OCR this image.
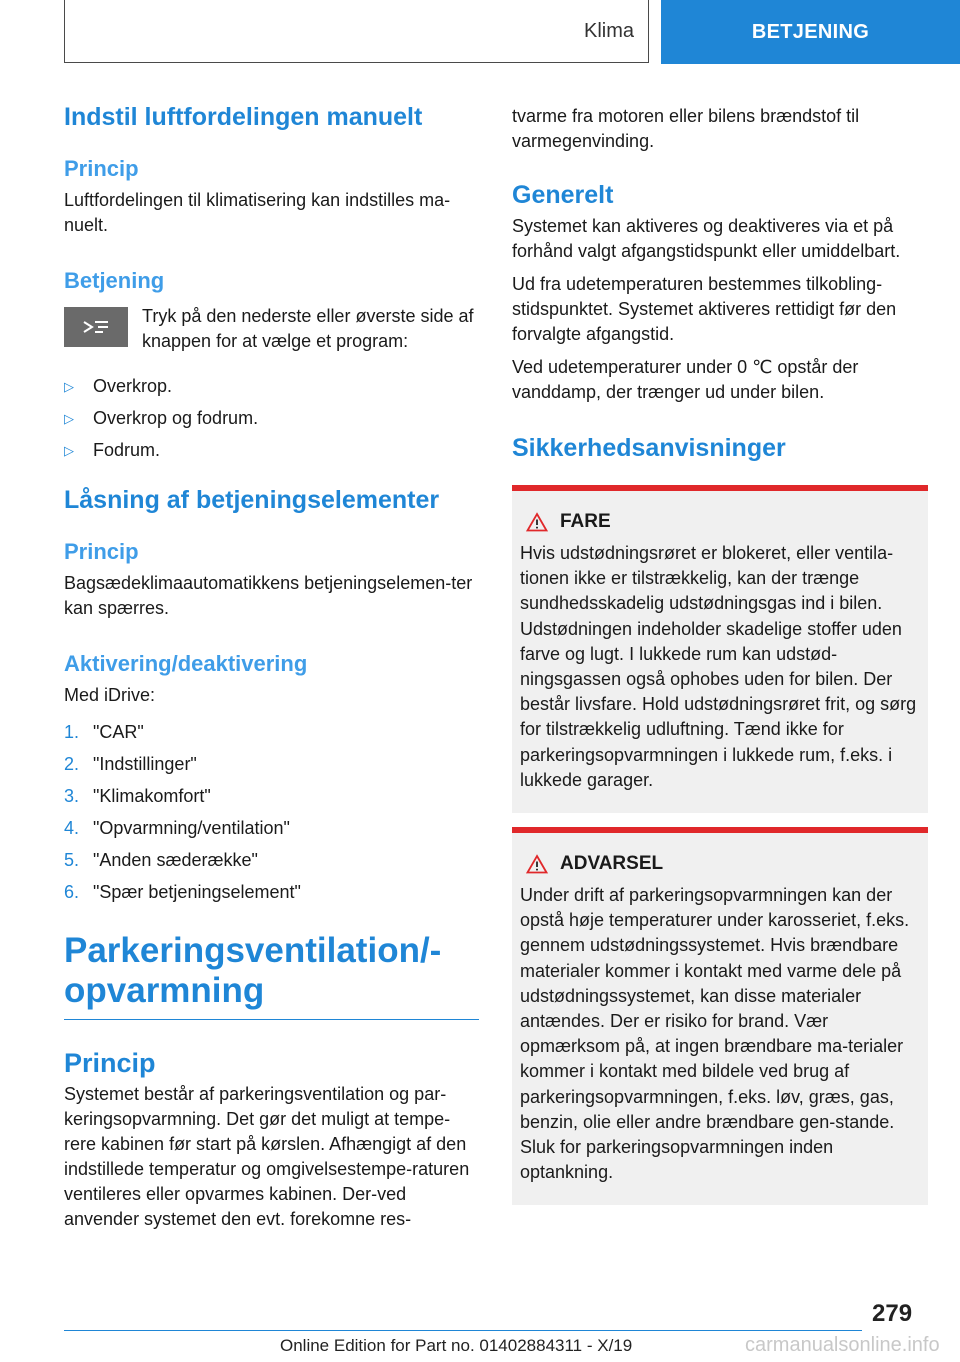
Klima	BETJENING
Indstil luftfordelingen manuelt
Princip

Luftfordelingen til klimatisering kan indstilles ma-nuelt.

Betjening

Tryk på den nederste eller øverste side af knappen for at vælge et program:

▷	Overkrop.
▷	Overkrop og fodrum.
▷	Fodrum.
Låsning af betjeningselementer
Princip

Bagsædeklimaautomatikkens betjeningselemen-ter kan spærres.

Aktivering/deaktivering

Med iDrive:

1. "CAR"
2. "Indstillinger"
3. "Klimakomfort"
4. "Opvarmning/ventilation"
5. "Anden sæderække"
6. "Spær betjeningselement"
Parkeringsventilation/-opvarmning
Princip

Systemet består af parkeringsventilation og par-keringsopvarmning. Det gør det muligt at tempe-rere kabinen før start på kørslen. Afhængigt af den indstillede temperatur og omgivelsestempe-raturen ventileres eller opvarmes kabinen. Der-ved anvender systemet den evt. forekomne res-

tvarme fra motoren eller bilens brændstof til varmegenvinding.

Generelt

Systemet kan aktiveres og deaktiveres via et på forhånd valgt afgangstidspunkt eller umiddelbart.

Ud fra udetemperaturen bestemmes tilkobling-stidspunktet. Systemet aktiveres rettidigt før den forvalgte afgangstid.

Ved udetemperaturer under 0 ℃ opstår der vanddamp, der trænger ud under bilen.

Sikkerhedsanvisninger
FARE

Hvis udstødningsrøret er blokeret, eller ventila-tionen ikke er tilstrækkelig, kan der trænge sundhedsskadelig udstødningsgas ind i bilen. Udstødningen indeholder skadelige stoffer uden farve og lugt. I lukkede rum kan udstød-ningsgassen også ophobes uden for bilen. Der består livsfare. Hold udstødningsrøret frit, og sørg for tilstrækkelig udluftning. Tænd ikke for parkeringsopvarmningen i lukkede rum, f.eks. i lukkede garager.

ADVARSEL

Under drift af parkeringsopvarmningen kan der opstå høje temperaturer under karosseriet, f.eks. gennem udstødningssystemet. Hvis brændbare materialer kommer i kontakt med varme dele på udstødningssystemet, kan disse materialer antændes. Der er risiko for brand. Vær opmærksom på, at ingen brændbare ma-terialer kommer i kontakt med bildele ved brug af parkeringsopvarmningen, f.eks. løv, græs, gas, benzin, olie eller andre brændbare gen-stande. Sluk for parkeringsopvarmningen inden optankning.

279
Online Edition for Part no. 01402884311 - X/19	carmanualsonline.info
